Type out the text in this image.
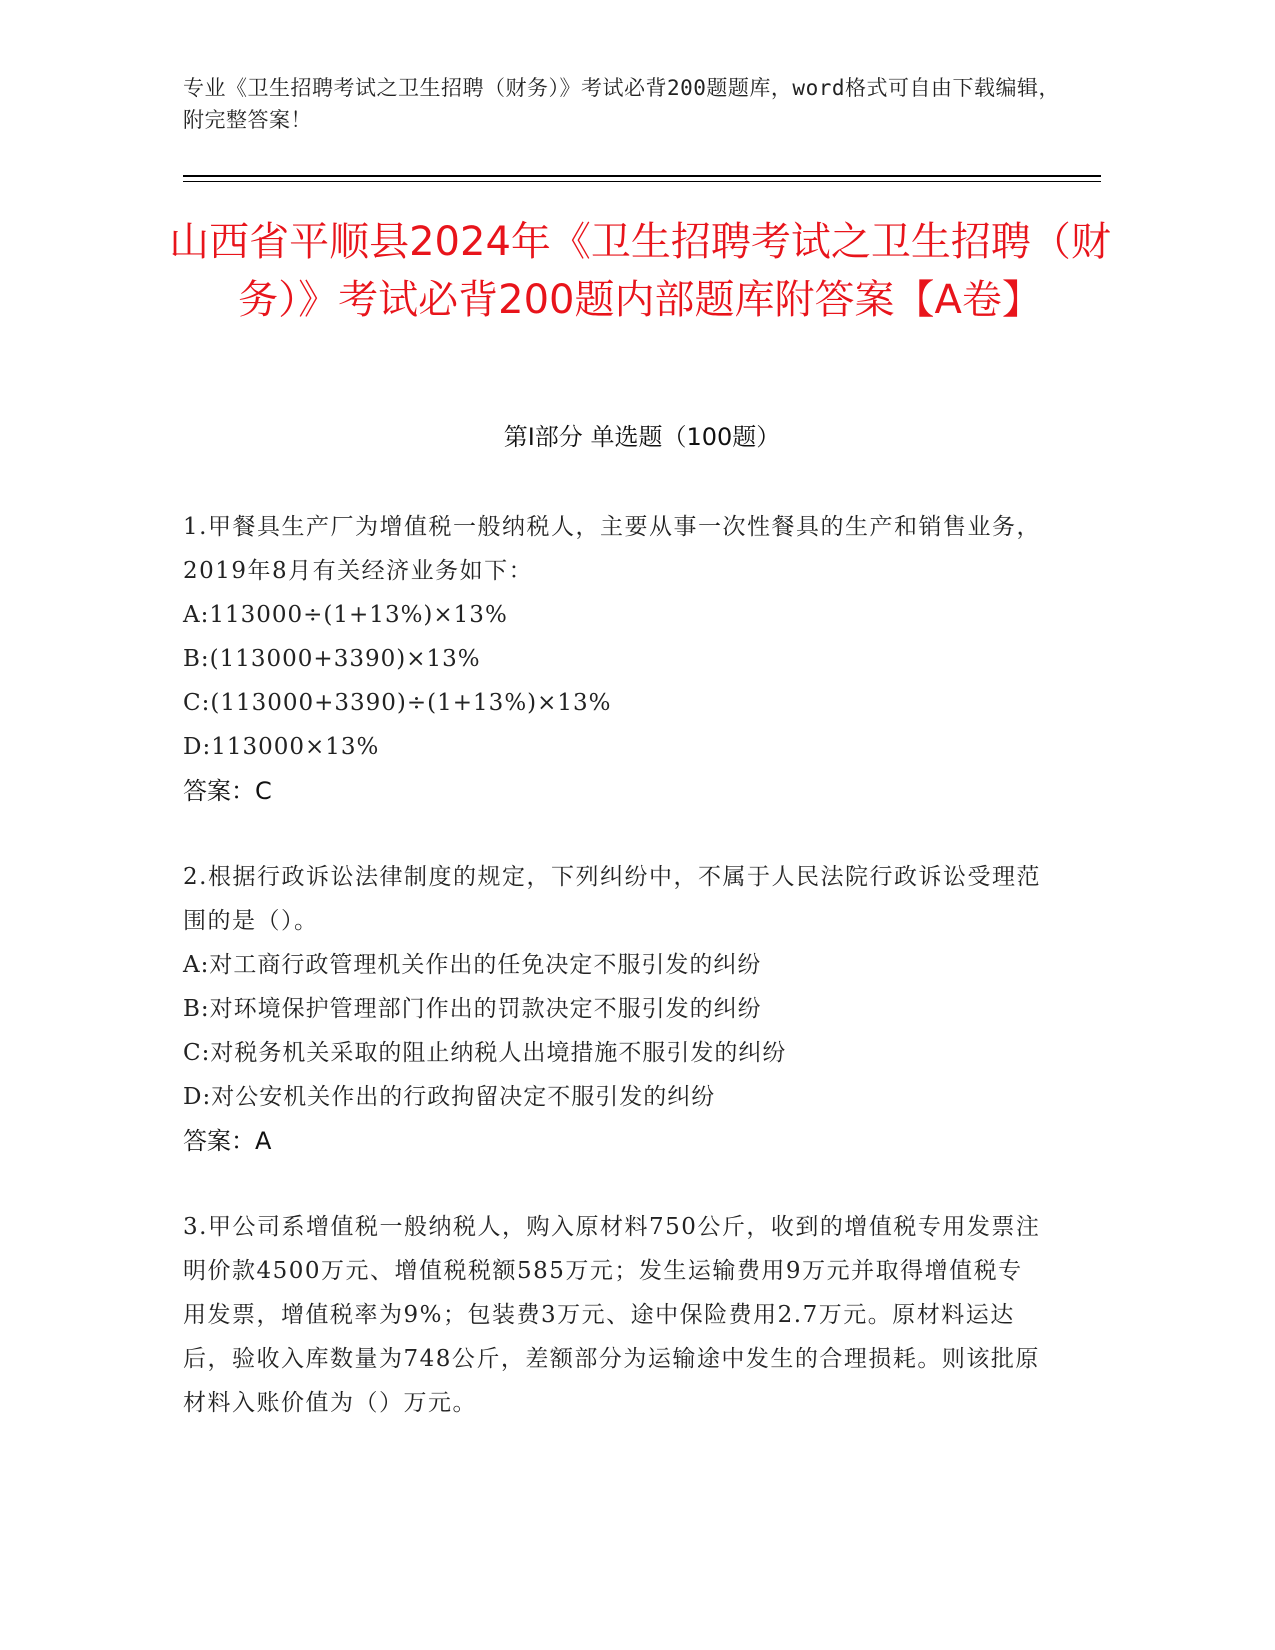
专业《卫生招聘考试之卫生招聘（财务）》考试必背200题题库，word格式可自由下载编辑，附完整答案！
山西省平顺县2024年《卫生招聘考试之卫生招聘（财务）》考试必背200题内部题库附答案【A卷】
第Ⅰ部分 单选题（100题）
1.甲餐具生产厂为增值税一般纳税人，主要从事一次性餐具的生产和销售业务，2019年8月有关经济业务如下：
A:113000÷(1+13%)×13%
B:(113000+3390)×13%
C:(113000+3390)÷(1+13%)×13%
D:113000×13%
答案：C
2.根据行政诉讼法律制度的规定，下列纠纷中，不属于人民法院行政诉讼受理范围的是（）。
A:对工商行政管理机关作出的任免决定不服引发的纠纷
B:对环境保护管理部门作出的罚款决定不服引发的纠纷
C:对税务机关采取的阻止纳税人出境措施不服引发的纠纷
D:对公安机关作出的行政拘留决定不服引发的纠纷
答案：A
3.甲公司系增值税一般纳税人，购入原材料750公斤，收到的增值税专用发票注明价款4500万元、增值税税额585万元；发生运输费用9万元并取得增值税专用发票，增值税率为9%；包装费3万元、途中保险费用2.7万元。原材料运达后，验收入库数量为748公斤，差额部分为运输途中发生的合理损耗。则该批原材料入账价值为（）万元。
